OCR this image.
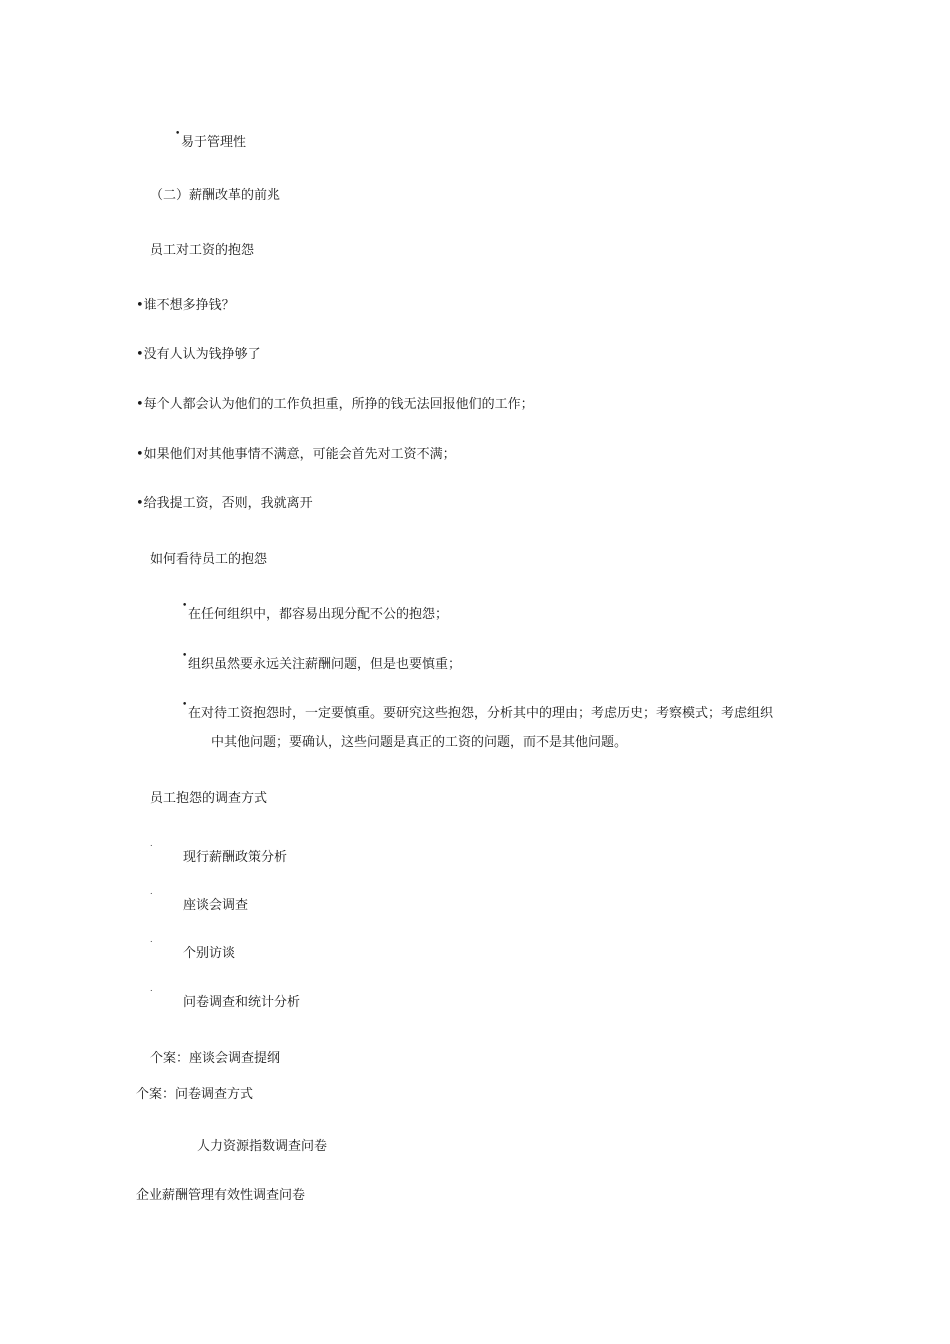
•
易于管理性
（二）薪酬改革的前兆
员工对工资的抱怨
•谁不想多挣钱？
•没有人认为钱挣够了
•每个人都会认为他们的工作负担重，所挣的钱无法回报他们的工作；
•如果他们对其他事情不满意，可能会首先对工资不满；
•给我提工资，否则，我就离开
如何看待员工的抱怨
•
在任何组织中，都容易出现分配不公的抱怨；
•
组织虽然要永远关注薪酬问题，但是也要慎重；
•
在对待工资抱怨时，一定要慎重。要研究这些抱怨，分析其中的理由；考虑历史；考察模式；考虑组织
中其他问题；要确认，这些问题是真正的工资的问题，而不是其他问题。
员工抱怨的调查方式
.
现行薪酬政策分析
.
座谈会调查
.
个别访谈
.
问卷调查和统计分析
个案：座谈会调查提纲
个案：问卷调查方式
人力资源指数调查问卷
企业薪酬管理有效性调查问卷
